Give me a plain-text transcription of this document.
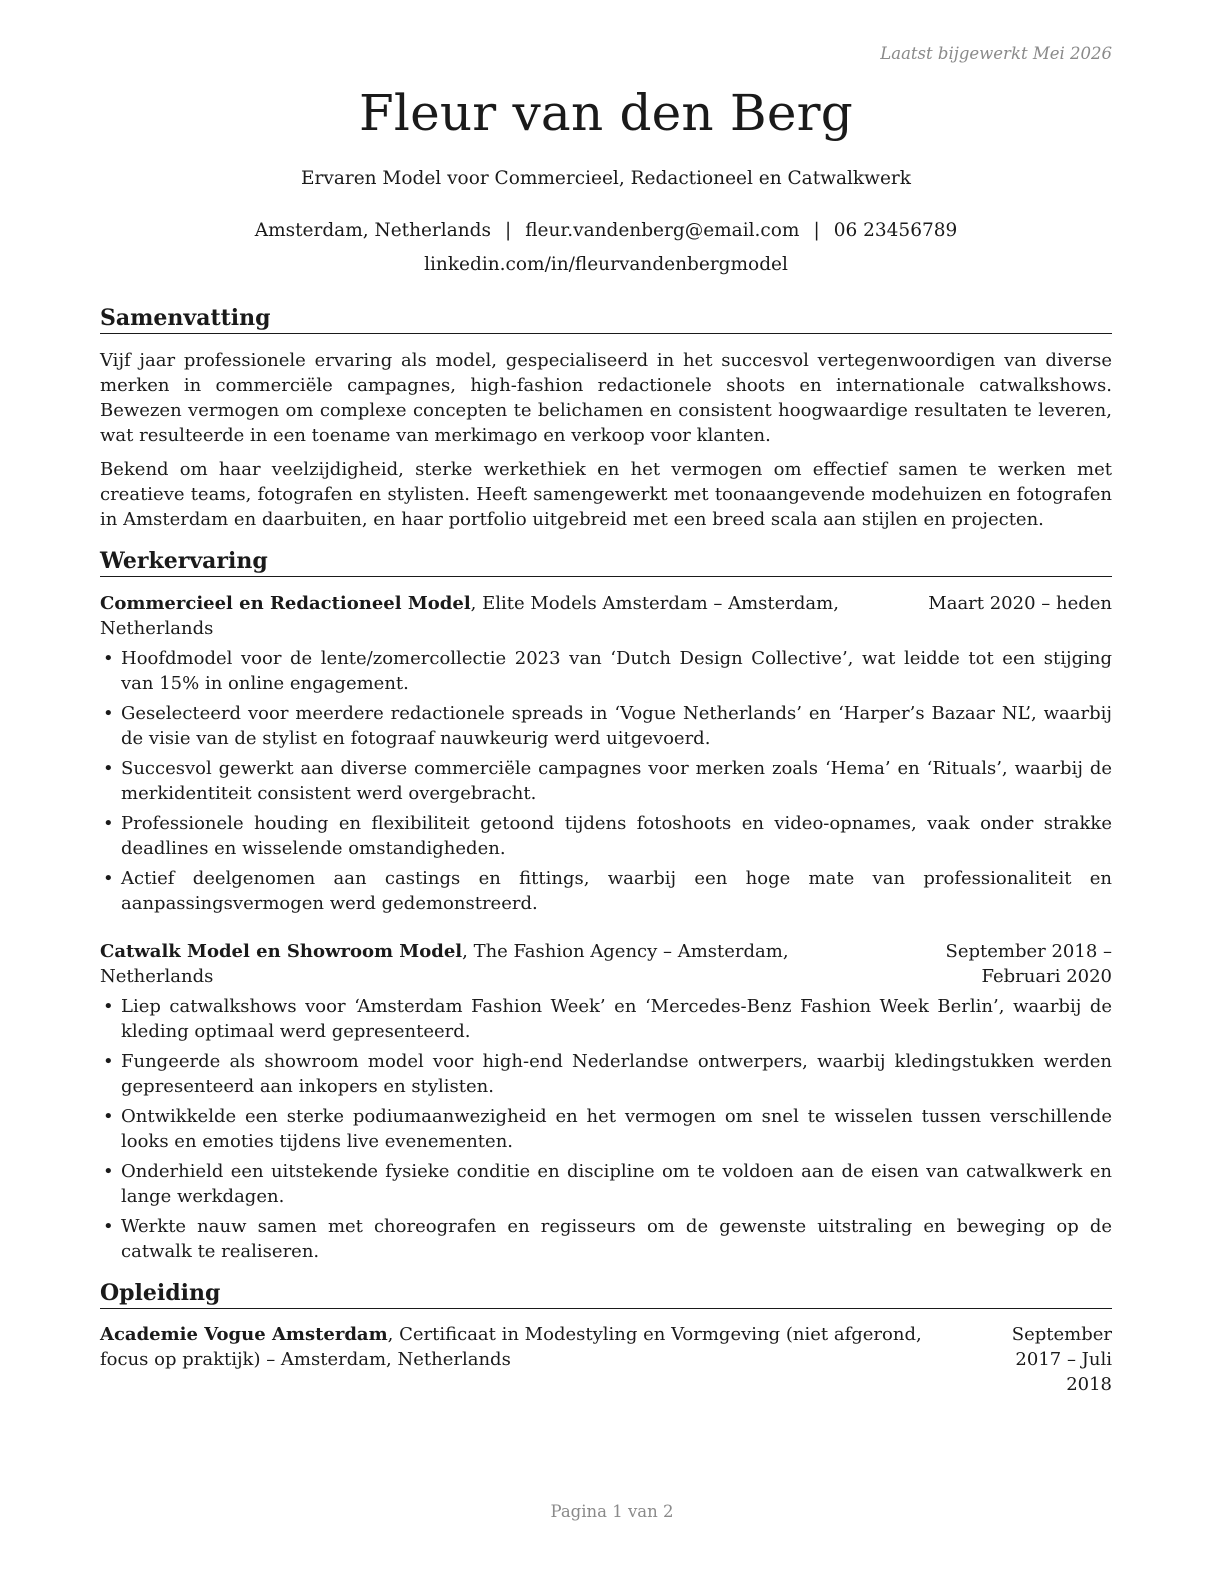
Laatst bijgewerkt Mei 2026
Fleur van den Berg
Ervaren Model voor Commercieel, Redactioneel en Catwalkwerk
Amsterdam, Netherlands | fleur.vandenberg@email.com | 06 23456789
linkedin.com/in/fleurvandenbergmodel
Samenvatting

Vijf jaar professionele ervaring als model, gespecialiseerd in het succesvol vertegenwoordigen van diverse merken in commerciële campagnes, high-fashion redactionele shoots en internationale catwalkshows. Bewezen vermogen om complexe concepten te belichamen en consistent hoogwaardige resultaten te leveren, wat resulteerde in een toename van merkimago en verkoop voor klanten.

Bekend om haar veelzijdigheid, sterke werkethiek en het vermogen om effectief samen te werken met creatieve teams, fotografen en stylisten. Heeft samengewerkt met toonaangevende modehuizen en fotografen in Amsterdam en daarbuiten, en haar portfolio uitgebreid met een breed scala aan stijlen en projecten.

Werkervaring
Commercieel en Redactioneel Model, Elite Models Amsterdam – Amsterdam, Netherlands
Maart 2020 – heden
• Hoofdmodel voor de lente/zomercollectie 2023 van ‘Dutch Design Collective’, wat leidde tot een stijging van 15% in online engagement.
• Geselecteerd voor meerdere redactionele spreads in ‘Vogue Netherlands’ en ‘Harper’s Bazaar NL’, waarbij de visie van de stylist en fotograaf nauwkeurig werd uitgevoerd.
• Succesvol gewerkt aan diverse commerciële campagnes voor merken zoals ‘Hema’ en ‘Rituals’, waarbij de merkidentiteit consistent werd overgebracht.
• Professionele houding en flexibiliteit getoond tijdens fotoshoots en video-opnames, vaak onder strakke deadlines en wisselende omstandigheden.
• Actief deelgenomen aan castings en fittings, waarbij een hoge mate van professionaliteit en aanpassingsvermogen werd gedemonstreerd.
Catwalk Model en Showroom Model, The Fashion Agency – Amsterdam, Netherlands
September 2018 – Februari 2020
• Liep catwalkshows voor ‘Amsterdam Fashion Week’ en ‘Mercedes-Benz Fashion Week Berlin’, waarbij de kleding optimaal werd gepresenteerd.
• Fungeerde als showroom model voor high-end Nederlandse ontwerpers, waarbij kledingstukken werden gepresenteerd aan inkopers en stylisten.
• Ontwikkelde een sterke podiumaanwezigheid en het vermogen om snel te wisselen tussen verschillende looks en emoties tijdens live evenementen.
• Onderhield een uitstekende fysieke conditie en discipline om te voldoen aan de eisen van catwalkwerk en lange werkdagen.
• Werkte nauw samen met choreografen en regisseurs om de gewenste uitstraling en beweging op de catwalk te realiseren.
Opleiding
Academie Vogue Amsterdam, Certificaat in Modestyling en Vormgeving (niet afgerond, focus op praktijk) – Amsterdam, Netherlands
September 2017 – Juli 2018
Pagina 1 van 2
